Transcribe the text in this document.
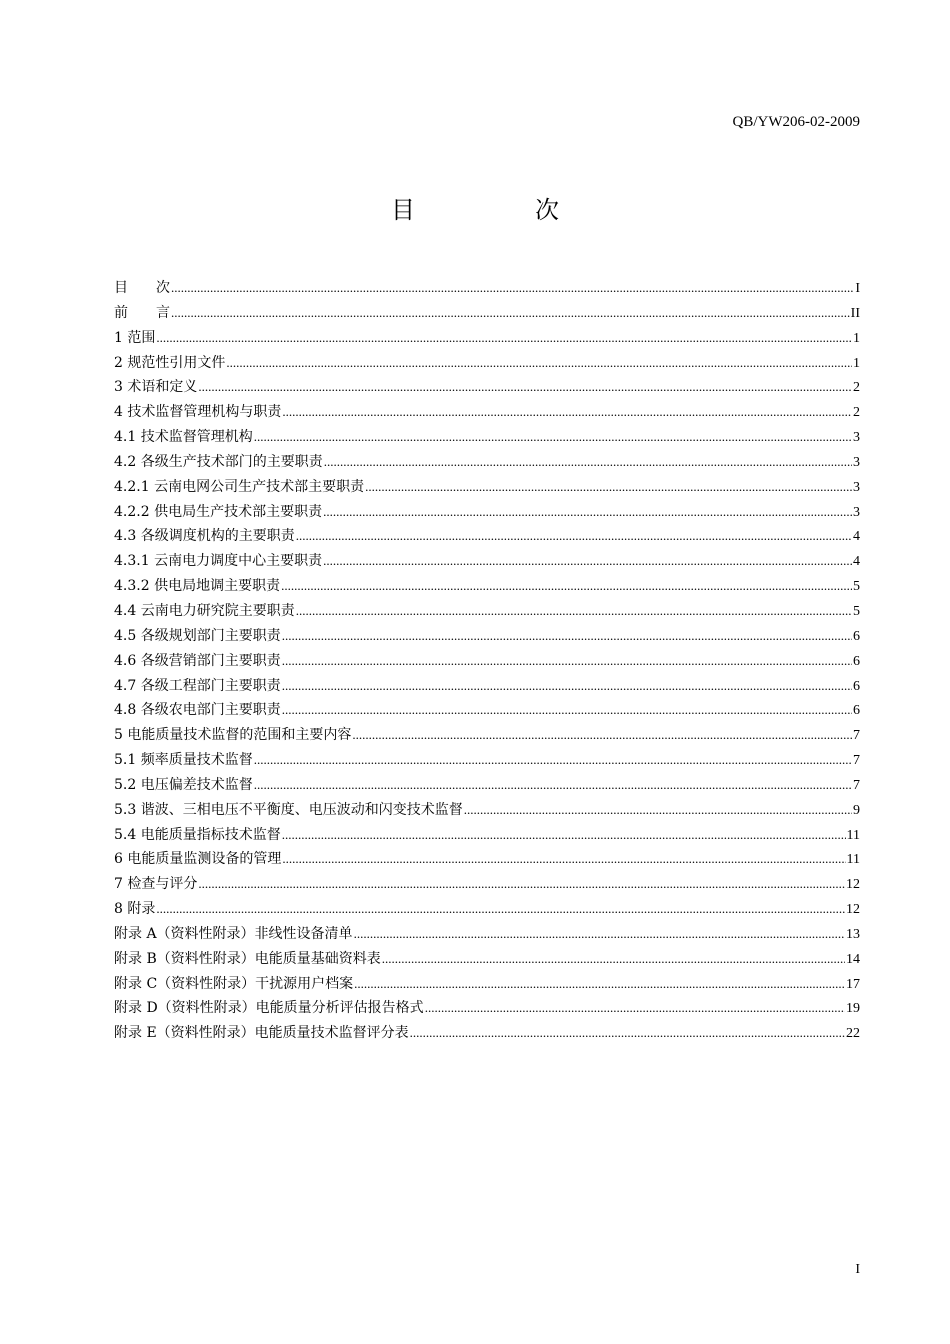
QB/YW206-02-2009
目　次
目　　次 .....	I
前　　言 .....	II
1 范围 .....	1
2 规范性引用文件 .....	1
3 术语和定义 .....	2
4 技术监督管理机构与职责 .....	2
4.1 技术监督管理机构 .....	3
4.2 各级生产技术部门的主要职责 .....	3
4.2.1 云南电网公司生产技术部主要职责 .....	3
4.2.2 供电局生产技术部主要职责 .....	3
4.3 各级调度机构的主要职责 .....	4
4.3.1 云南电力调度中心主要职责 .....	4
4.3.2 供电局地调主要职责 .....	5
4.4 云南电力研究院主要职责 .....	5
4.5 各级规划部门主要职责 .....	6
4.6 各级营销部门主要职责 .....	6
4.7 各级工程部门主要职责 .....	6
4.8 各级农电部门主要职责 .....	6
5 电能质量技术监督的范围和主要内容 .....	7
5.1 频率质量技术监督 .....	7
5.2 电压偏差技术监督 .....	7
5.3 谐波、三相电压不平衡度、电压波动和闪变技术监督 .....	9
5.4 电能质量指标技术监督 .....	11
6 电能质量监测设备的管理 .....	11
7 检查与评分 .....	12
8 附录 .....	12
附录 A（资料性附录）非线性设备清单 .....	13
附录 B（资料性附录）电能质量基础资料表 .....	14
附录 C（资料性附录）干扰源用户档案 .....	17
附录 D（资料性附录）电能质量分析评估报告格式 .....	19
附录 E（资料性附录）电能质量技术监督评分表 .....	22
I
